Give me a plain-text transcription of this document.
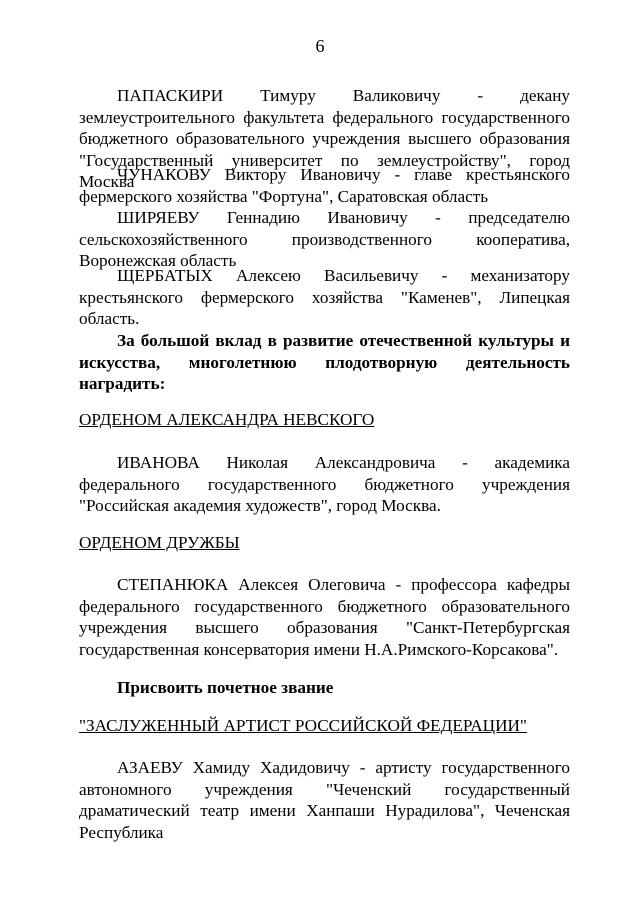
6

ПАПАСКИРИ Тимуру Валиковичу - декану землеустроительного факультета федерального государственного бюджетного образовательного учреждения высшего образования "Государственный университет по землеустройству", город Москва

ЧУНАКОВУ Виктору Ивановичу - главе крестьянского фермерского хозяйства "Фортуна", Саратовская область

ШИРЯЕВУ Геннадию Ивановичу - председателю сельскохозяйственного производственного кооператива, Воронежская область

ЩЕРБАТЫХ Алексею Васильевичу - механизатору крестьянского фермерского хозяйства "Каменев", Липецкая область.

За большой вклад в развитие отечественной культуры и искусства, многолетнюю плодотворную деятельность наградить:

ОРДЕНОМ АЛЕКСАНДРА НЕВСКОГО

ИВАНОВА Николая Александровича - академика федерального государственного бюджетного учреждения "Российская академия художеств", город Москва.

ОРДЕНОМ ДРУЖБЫ

СТЕПАНЮКА Алексея Олеговича - профессора кафедры федерального государственного бюджетного образовательного учреждения высшего образования "Санкт-Петербургская государственная консерватория имени Н.А.Римского-Корсакова".

Присвоить почетное звание

"ЗАСЛУЖЕННЫЙ АРТИСТ РОССИЙСКОЙ ФЕДЕРАЦИИ"

АЗАЕВУ Хамиду Хадидовичу - артисту государственного автономного учреждения "Чеченский государственный драматический театр имени Ханпаши Нурадилова", Чеченская Республика
